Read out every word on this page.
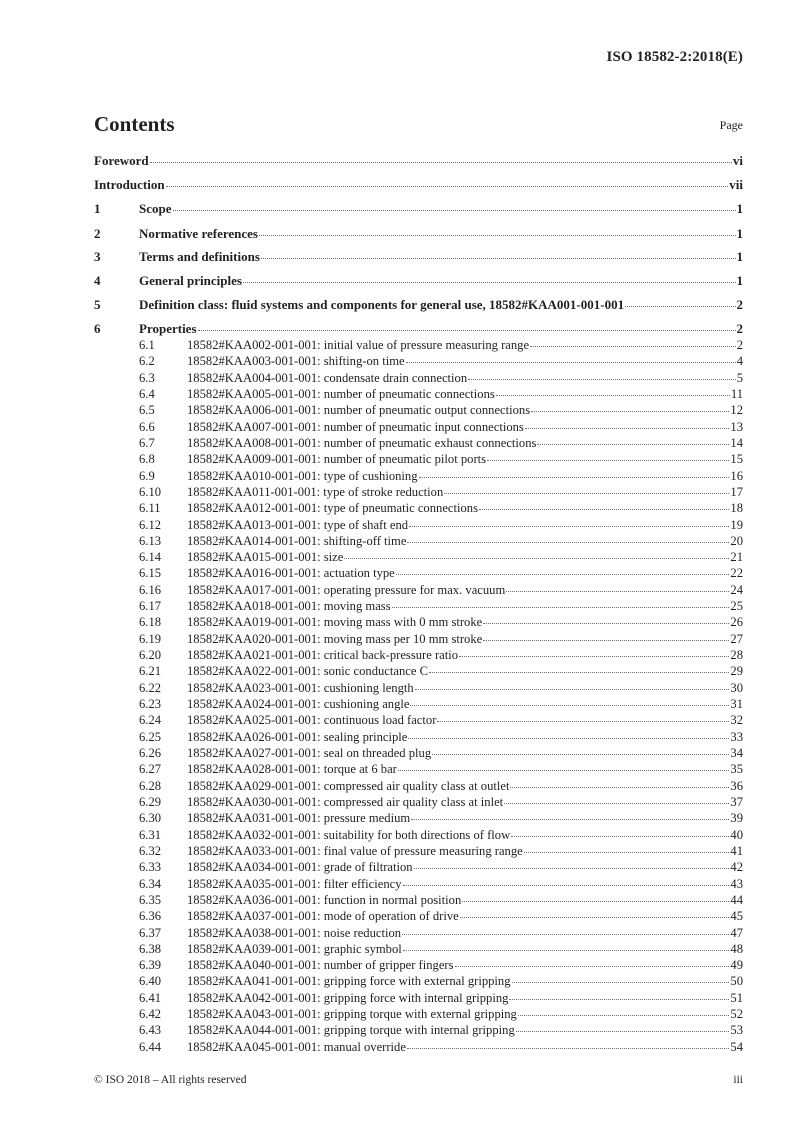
ISO 18582-2:2018(E)
Contents	Page
Foreword	vi
Introduction	vii
1	Scope	1
2	Normative references	1
3	Terms and definitions	1
4	General principles	1
5	Definition class: fluid systems and components for general use, 18582#KAA001-001-001	2
6	Properties	2
6.1	18582#KAA002-001-001: initial value of pressure measuring range	2
6.2	18582#KAA003-001-001: shifting-on time	4
6.3	18582#KAA004-001-001: condensate drain connection	5
6.4	18582#KAA005-001-001: number of pneumatic connections	11
6.5	18582#KAA006-001-001: number of pneumatic output connections	12
6.6	18582#KAA007-001-001: number of pneumatic input connections	13
6.7	18582#KAA008-001-001: number of pneumatic exhaust connections	14
6.8	18582#KAA009-001-001: number of pneumatic pilot ports	15
6.9	18582#KAA010-001-001: type of cushioning	16
6.10	18582#KAA011-001-001: type of stroke reduction	17
6.11	18582#KAA012-001-001: type of pneumatic connections	18
6.12	18582#KAA013-001-001: type of shaft end	19
6.13	18582#KAA014-001-001: shifting-off time	20
6.14	18582#KAA015-001-001: size	21
6.15	18582#KAA016-001-001: actuation type	22
6.16	18582#KAA017-001-001: operating pressure for max. vacuum	24
6.17	18582#KAA018-001-001: moving mass	25
6.18	18582#KAA019-001-001: moving mass with 0 mm stroke	26
6.19	18582#KAA020-001-001: moving mass per 10 mm stroke	27
6.20	18582#KAA021-001-001: critical back-pressure ratio	28
6.21	18582#KAA022-001-001: sonic conductance C	29
6.22	18582#KAA023-001-001: cushioning length	30
6.23	18582#KAA024-001-001: cushioning angle	31
6.24	18582#KAA025-001-001: continuous load factor	32
6.25	18582#KAA026-001-001: sealing principle	33
6.26	18582#KAA027-001-001: seal on threaded plug	34
6.27	18582#KAA028-001-001: torque at 6 bar	35
6.28	18582#KAA029-001-001: compressed air quality class at outlet	36
6.29	18582#KAA030-001-001: compressed air quality class at inlet	37
6.30	18582#KAA031-001-001: pressure medium	39
6.31	18582#KAA032-001-001: suitability for both directions of flow	40
6.32	18582#KAA033-001-001: final value of pressure measuring range	41
6.33	18582#KAA034-001-001: grade of filtration	42
6.34	18582#KAA035-001-001: filter efficiency	43
6.35	18582#KAA036-001-001: function in normal position	44
6.36	18582#KAA037-001-001: mode of operation of drive	45
6.37	18582#KAA038-001-001: noise reduction	47
6.38	18582#KAA039-001-001: graphic symbol	48
6.39	18582#KAA040-001-001: number of gripper fingers	49
6.40	18582#KAA041-001-001: gripping force with external gripping	50
6.41	18582#KAA042-001-001: gripping force with internal gripping	51
6.42	18582#KAA043-001-001: gripping torque with external gripping	52
6.43	18582#KAA044-001-001: gripping torque with internal gripping	53
6.44	18582#KAA045-001-001: manual override	54
© ISO 2018 – All rights reserved	iii
